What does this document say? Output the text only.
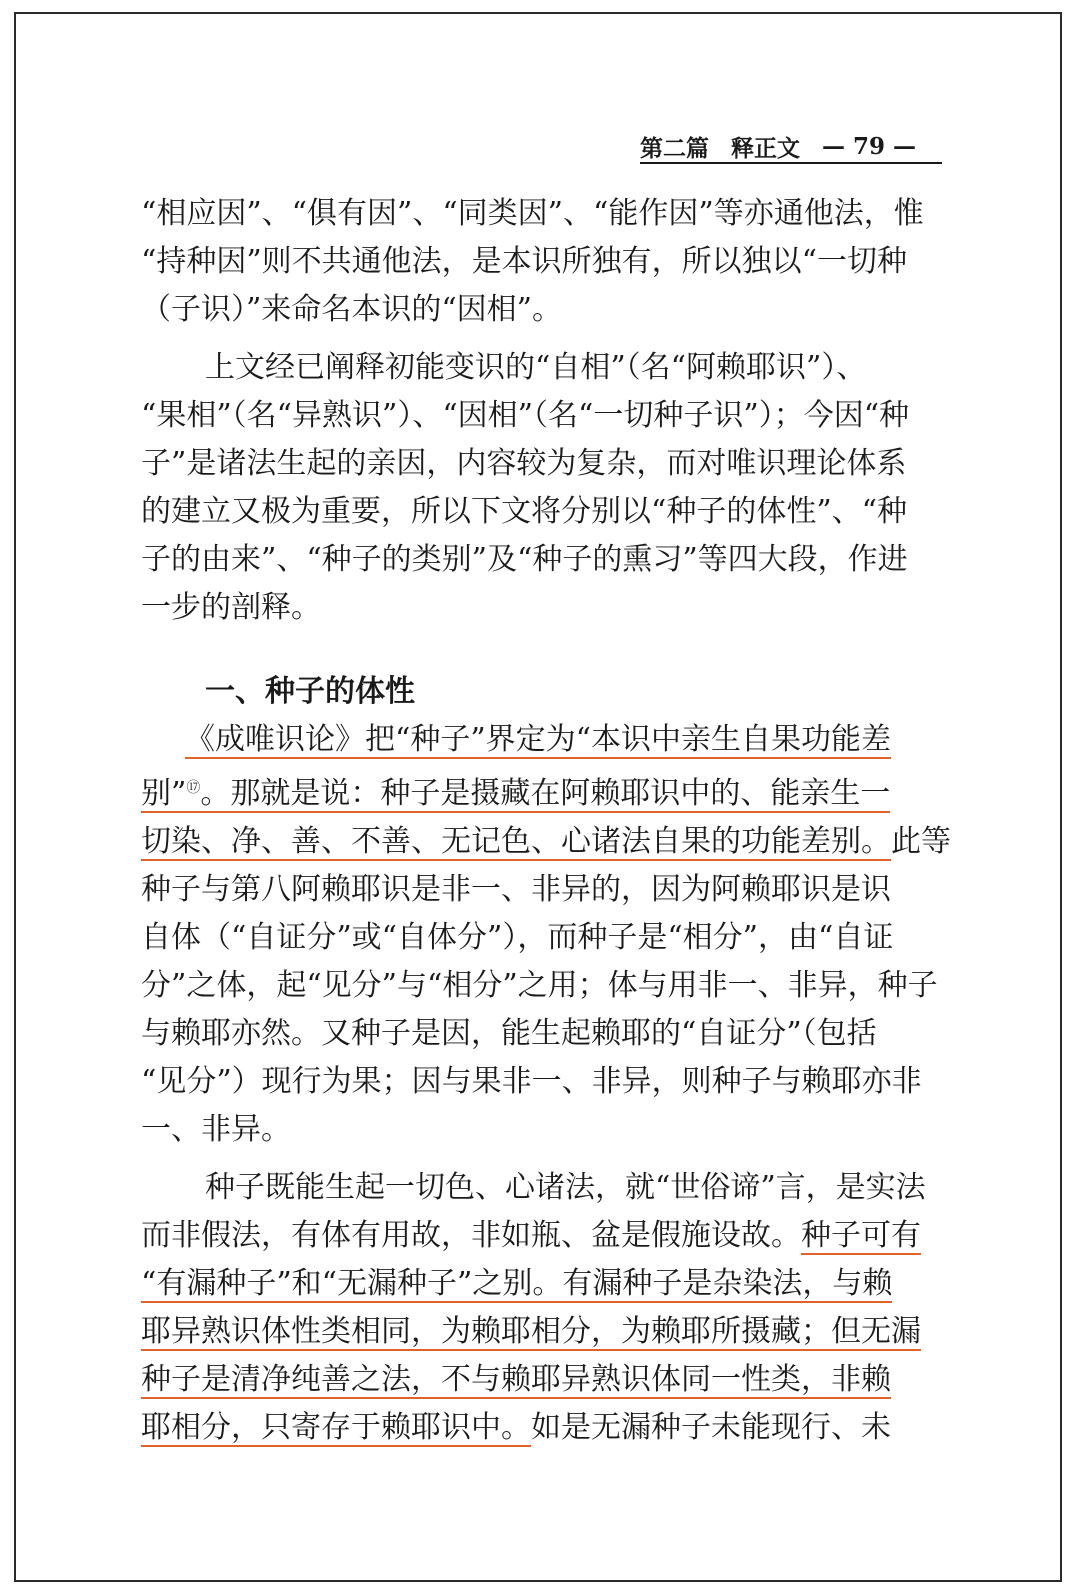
第二篇 释正文 — 79 —

“相应因”、“俱有因”、“同类因”、“能作因”等亦通他法，惟
“持种因”则不共通他法，是本识所独有，所以独以“一切种
（子识）”来命名本识的“因相”。

上文经已阐释初能变识的“自相”（名“阿赖耶识”）、
“果相”（名“异熟识”）、“因相”（名“一切种子识”）；今因“种
子”是诸法生起的亲因，内容较为复杂，而对唯识理论体系
的建立又极为重要，所以下文将分别以“种子的体性”、“种
子的由来”、“种子的类别”及“种子的熏习”等四大段，作进
一步的剖释。

一、种子的体性

《成唯识论》把“种子”界定为“本识中亲生自果功能差
别”⑰。那就是说：种子是摄藏在阿赖耶识中的、能亲生一
切染、净、善、不善、无记色、心诸法自果的功能差别。此等
种子与第八阿赖耶识是非一、非异的，因为阿赖耶识是识
自体（“自证分”或“自体分”），而种子是“相分”，由“自证
分”之体，起“见分”与“相分”之用；体与用非一、非异，种子
与赖耶亦然。又种子是因，能生起赖耶的“自证分”（包括
“见分”）现行为果；因与果非一、非异，则种子与赖耶亦非
一、非异。

种子既能生起一切色、心诸法，就“世俗谛”言，是实法
而非假法，有体有用故，非如瓶、盆是假施设故。种子可有
“有漏种子”和“无漏种子”之别。有漏种子是杂染法，与赖
耶异熟识体性类相同，为赖耶相分，为赖耶所摄藏；但无漏
种子是清净纯善之法，不与赖耶异熟识体同一性类，非赖
耶相分，只寄存于赖耶识中。如是无漏种子未能现行、未
